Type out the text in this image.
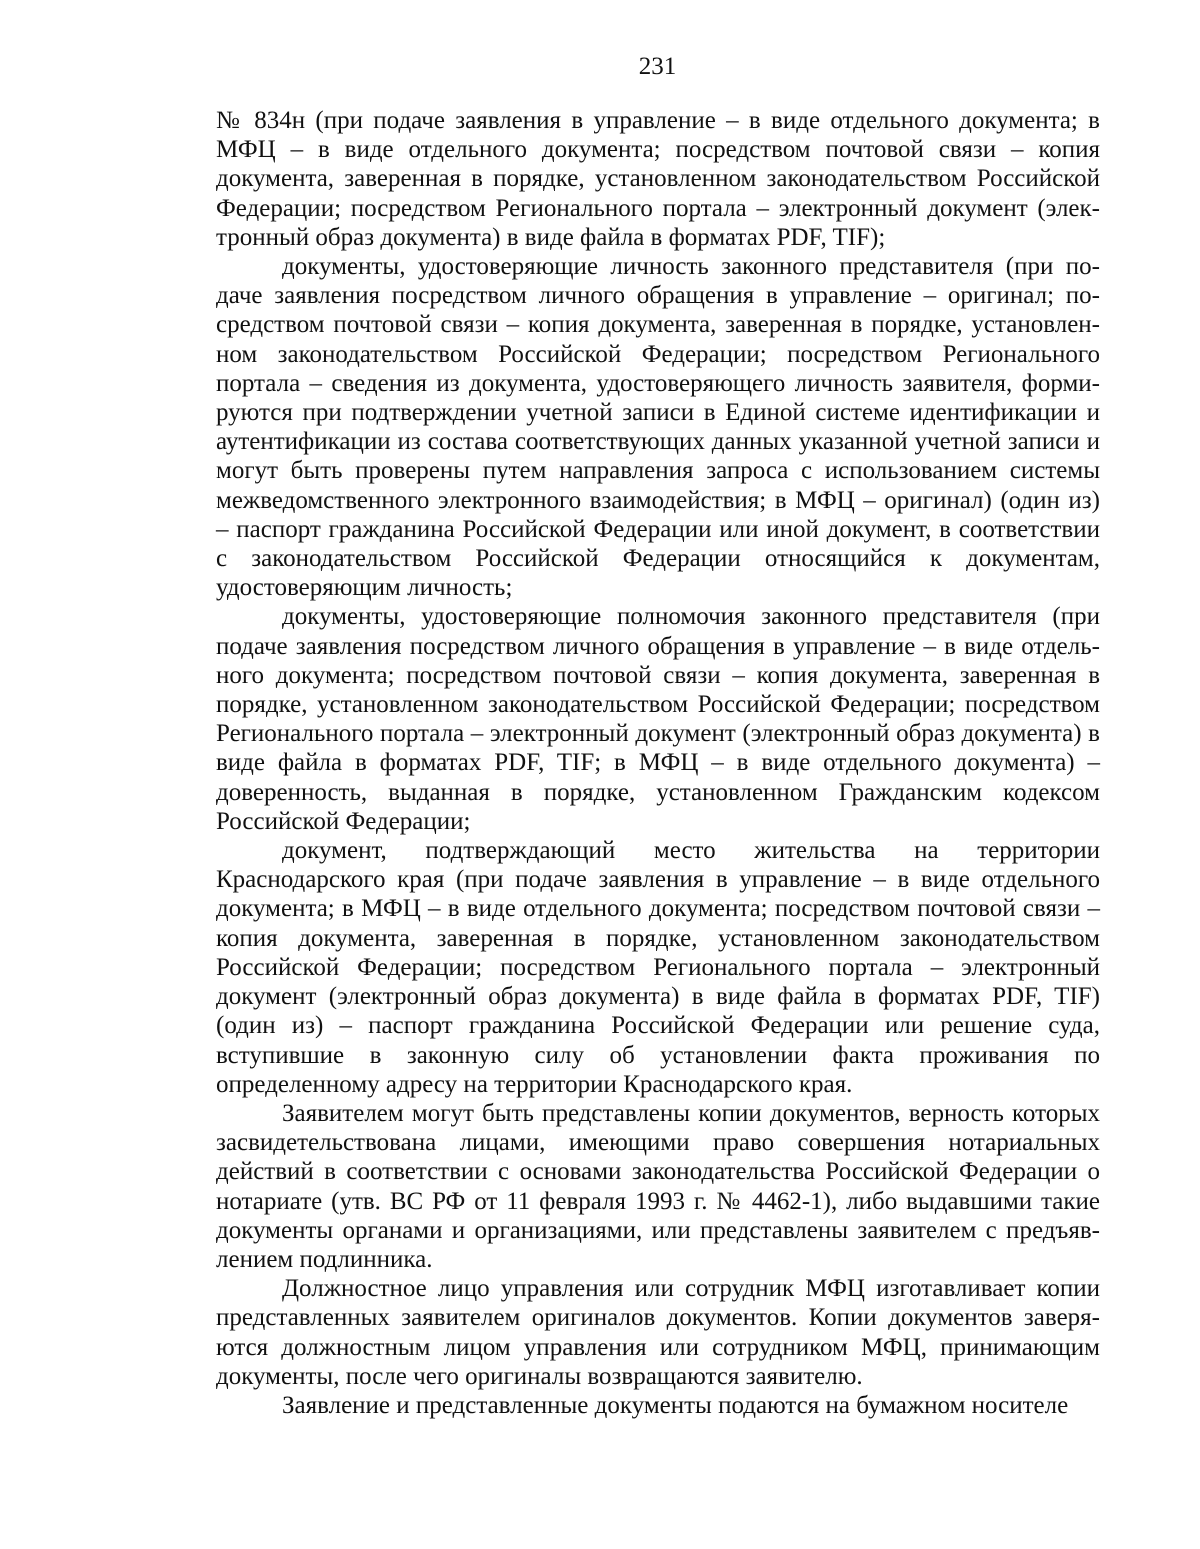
231

№ 834н (при подаче заявления в управление – в виде отдельного документа; в МФЦ – в виде отдельного документа; посредством почтовой связи – копия документа, заверенная в порядке, установленном законодательством Российской Федерации; посредством Регионального портала – электронный документ (электронный образ документа) в виде файла в форматах PDF, TIF);

документы, удостоверяющие личность законного представителя (при подаче заявления посредством личного обращения в управление – оригинал; посредством почтовой связи – копия документа, заверенная в порядке, установленном законодательством Российской Федерации; посредством Регионального портала – сведения из документа, удостоверяющего личность заявителя, формируются при подтверждении учетной записи в Единой системе идентификации и аутентификации из состава соответствующих данных указанной учетной записи и могут быть проверены путем направления запроса с использованием системы межведомственного электронного взаимодействия; в МФЦ – оригинал) (один из) – паспорт гражданина Российской Федерации или иной документ, в соответствии с законодательством Российской Федерации относящийся к документам, удостоверяющим личность;

документы, удостоверяющие полномочия законного представителя (при подаче заявления посредством личного обращения в управление – в виде отдельного документа; посредством почтовой связи – копия документа, заверенная в порядке, установленном законодательством Российской Федерации; посредством Регионального портала – электронный документ (электронный образ документа) в виде файла в форматах PDF, TIF; в МФЦ – в виде отдельного документа) – доверенность, выданная в порядке, установленном Гражданским кодексом Российской Федерации;

документ, подтверждающий место жительства на территории Краснодарского края (при подаче заявления в управление – в виде отдельного документа; в МФЦ – в виде отдельного документа; посредством почтовой связи – копия документа, заверенная в порядке, установленном законодательством Российской Федерации; посредством Регионального портала – электронный документ (электронный образ документа) в виде файла в форматах PDF, TIF) (один из) – паспорт гражданина Российской Федерации или решение суда, вступившие в законную силу об установлении факта проживания по определенному адресу на территории Краснодарского края.

Заявителем могут быть представлены копии документов, верность которых засвидетельствована лицами, имеющими право совершения нотариальных действий в соответствии с основами законодательства Российской Федерации о нотариате (утв. ВС РФ от 11 февраля 1993 г. № 4462-1), либо выдавшими такие документы органами и организациями, или представлены заявителем с предъявлением подлинника.

Должностное лицо управления или сотрудник МФЦ изготавливает копии представленных заявителем оригиналов документов. Копии документов заверяются должностным лицом управления или сотрудником МФЦ, принимающим документы, после чего оригиналы возвращаются заявителю.

Заявление и представленные документы подаются на бумажном носителе
